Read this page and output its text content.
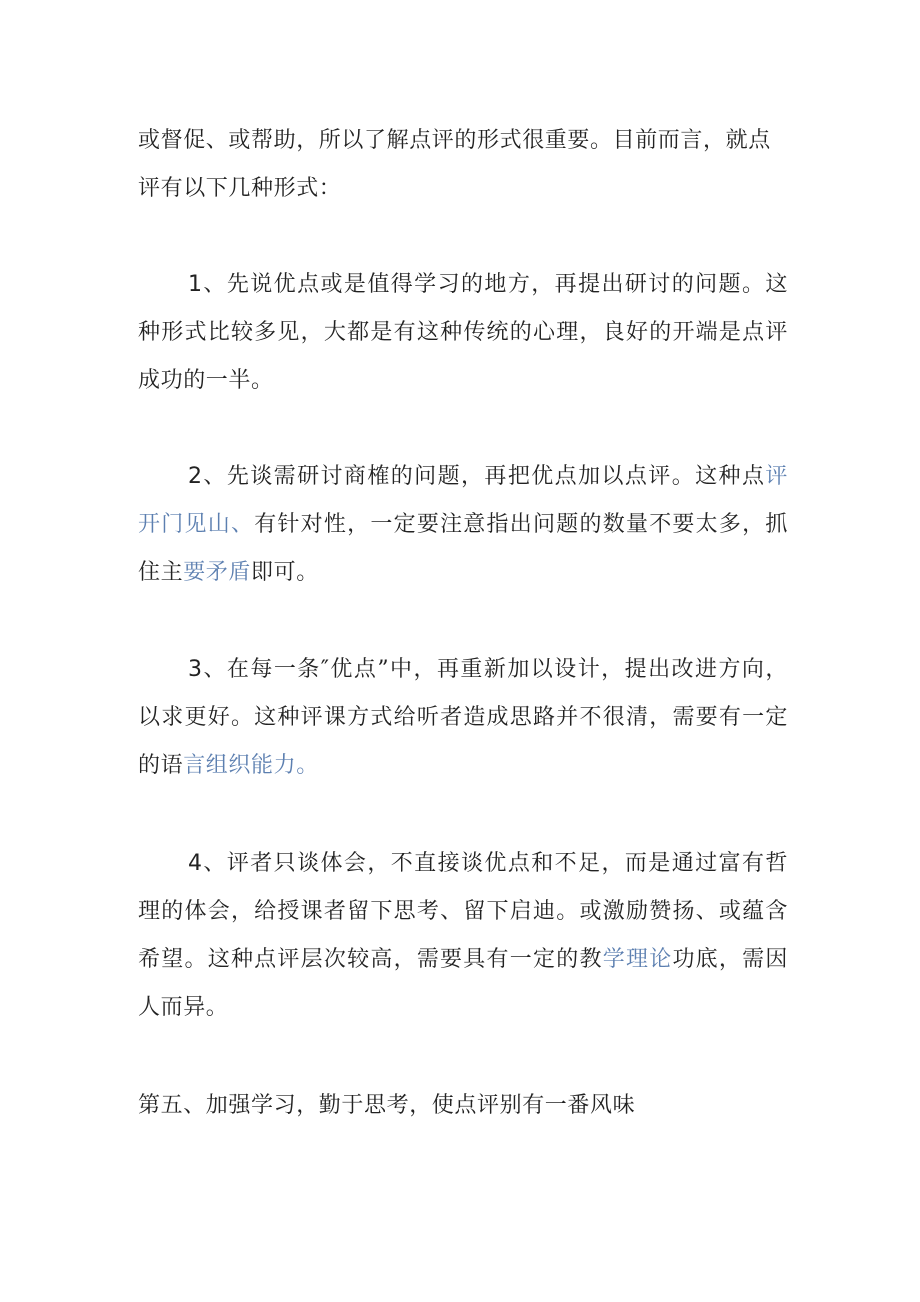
或督促、或帮助，所以了解点评的形式很重要。目前而言，就点
评有以下几种形式：
1、先说优点或是值得学习的地方，再提出研讨的问题。这种形式比较多见，大都是有这种传统的心理，良好的开端是点评成功的一半。
2、先谈需研讨商榷的问题，再把优点加以点评。这种点评开门见山、有针对性，一定要注意指出问题的数量不要太多，抓住主要矛盾即可。
3、在每一条″优点”中，再重新加以设计，提出改进方向，以求更好。这种评课方式给听者造成思路并不很清，需要有一定的语言组织能力。
4、评者只谈体会，不直接谈优点和不足，而是通过富有哲理的体会，给授课者留下思考、留下启迪。或激励赞扬、或蕴含希望。这种点评层次较高，需要具有一定的教学理论功底，需因人而异。
第五、加强学习，勤于思考，使点评别有一番风味
